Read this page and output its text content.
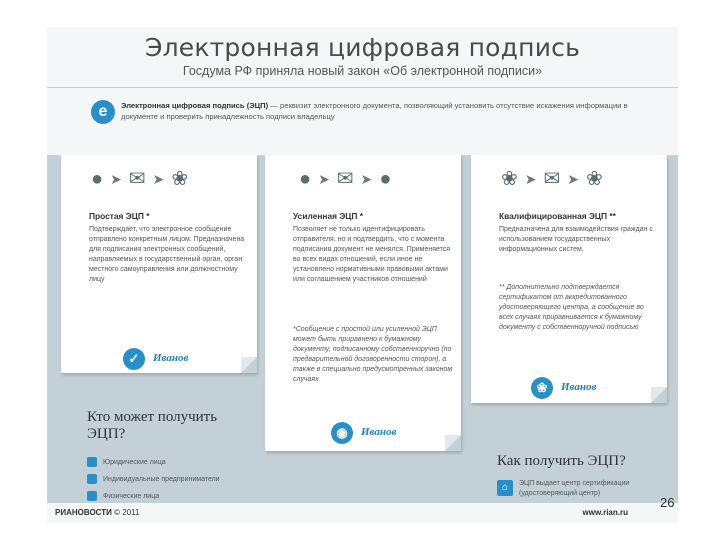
Электронная цифровая подпись
Госдума РФ приняла новый закон «Об электронной подписи»
e	Электронная цифровая подпись (ЭЦП) — реквизит электронного документа, позволяющий установить отсутствие искажения информации в документе и проверить принадлежность подписи владельцу
● ➤ ✉ ➤ ❀
Простая ЭЦП *
Подтверждает, что электронное сообщение отправлено конкретным лицом. Предназначена для подписания электронных сообщений, направляемых в государственный орган, орган местного самоуправления или должностному лицу
✓	Иванов
● ➤ ✉ ➤ ●
Усиленная ЭЦП *
Позволяет не только идентифицировать отправителя, но и подтвердить, что с момента подписания документ не менялся. Применяется во всех видах отношений, если иное не установлено нормативными правовыми актами или соглашением участников отношений
*Сообщение с простой или усиленной ЭЦП может быть приравнено к бумажному документу, подписанному собственноручно (по предварительной договоренности сторон), а также в специально предусмотренных законом случаях
◉	Иванов
❀ ➤ ✉ ➤ ❀
Квалифицированная ЭЦП **
Предназначена для взаимодействия граждан с использованием государственных информационных систем.
** Дополнительно подтверждается сертификатом от аккредитованного удостоверяющего центра, а сообщение во всех случаях приравнивается к бумажному документу с собственноручной подписью
❀	Иванов
Кто может получить ЭЦП?
Юридические лица
Индивидуальные предприниматели
Физические лица
Как получить ЭЦП?
⌂	ЭЦП выдает центр сертификации (удостоверяющий центр)
РИАНОВОСТИ © 2011	www.rian.ru
26
